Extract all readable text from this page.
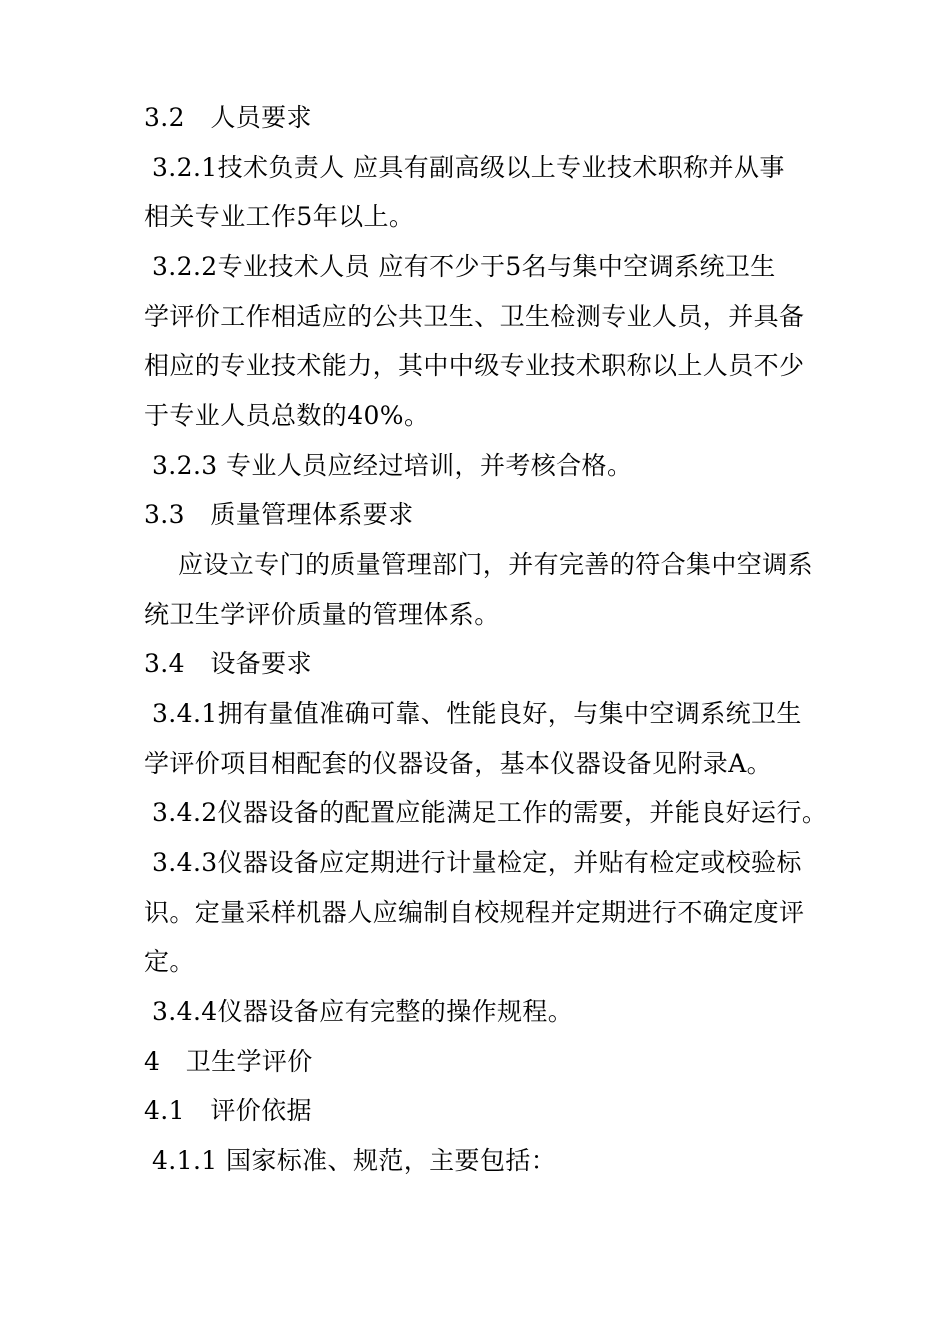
3.2　人员要求
3.2.1技术负责人 应具有副高级以上专业技术职称并从事
相关专业工作5年以上。
3.2.2专业技术人员 应有不少于5名与集中空调系统卫生
学评价工作相适应的公共卫生、卫生检测专业人员，并具备
相应的专业技术能力，其中中级专业技术职称以上人员不少
于专业人员总数的40%。
3.2.3 专业人员应经过培训，并考核合格。
3.3　质量管理体系要求
应设立专门的质量管理部门，并有完善的符合集中空调系
统卫生学评价质量的管理体系。
3.4　设备要求
3.4.1拥有量值准确可靠、性能良好，与集中空调系统卫生
学评价项目相配套的仪器设备，基本仪器设备见附录A。
3.4.2仪器设备的配置应能满足工作的需要，并能良好运行。
3.4.3仪器设备应定期进行计量检定，并贴有检定或校验标
识。定量采样机器人应编制自校规程并定期进行不确定度评
定。
3.4.4仪器设备应有完整的操作规程。
4　卫生学评价
4.1　评价依据
4.1.1 国家标准、规范，主要包括：
